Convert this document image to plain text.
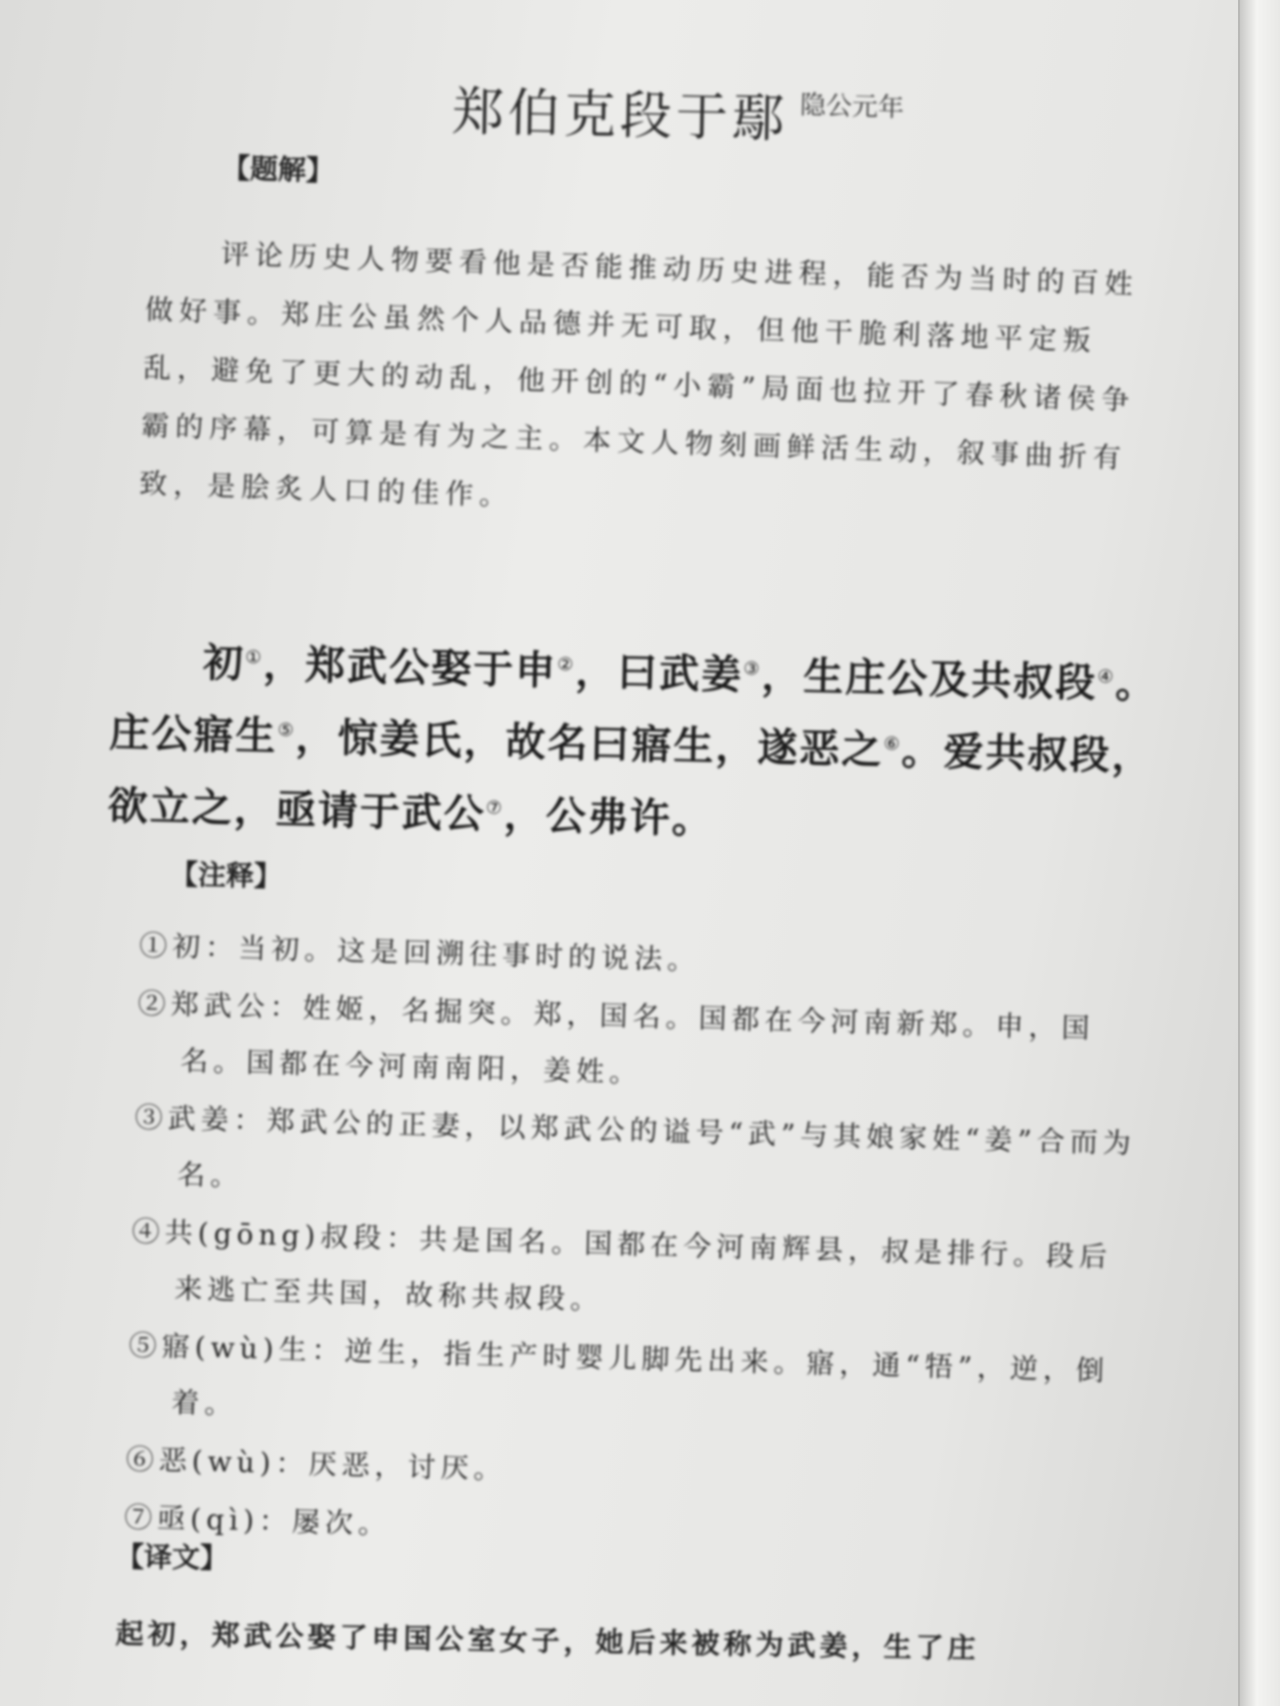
郑伯克段于鄢 隐公元年
【题解】

评论历史人物要看他是否能推动历史进程，能否为当时的百姓做好事。郑庄公虽然个人品德并无可取，但他干脆利落地平定叛乱，避免了更大的动乱，他开创的“小霸”局面也拉开了春秋诸侯争霸的序幕，可算是有为之主。本文人物刻画鲜活生动，叙事曲折有致，是脍炙人口的佳作。

初①，郑武公娶于申②，曰武姜③，生庄公及共叔段④。庄公寤生⑤，惊姜氏，故名曰寤生，遂恶之⑥。爱共叔段，欲立之，亟请于武公⑦，公弗许。

【注释】
①初：当初。这是回溯往事时的说法。
②郑武公：姓姬，名掘突。郑，国名。国都在今河南新郑。申，国名。国都在今河南南阳，姜姓。
③武姜：郑武公的正妻，以郑武公的谥号“武”与其娘家姓“姜”合而为名。
④共(gōng)叔段：共是国名。国都在今河南辉县，叔是排行。段后来逃亡至共国，故称共叔段。
⑤寤(wù)生：逆生，指生产时婴儿脚先出来。寤，通“牾”，逆，倒着。
⑥恶(wù)：厌恶，讨厌。
⑦亟(qì)：屡次。
【译文】
起初，郑武公娶了申国公室女子，她后来被称为武姜，生了庄
